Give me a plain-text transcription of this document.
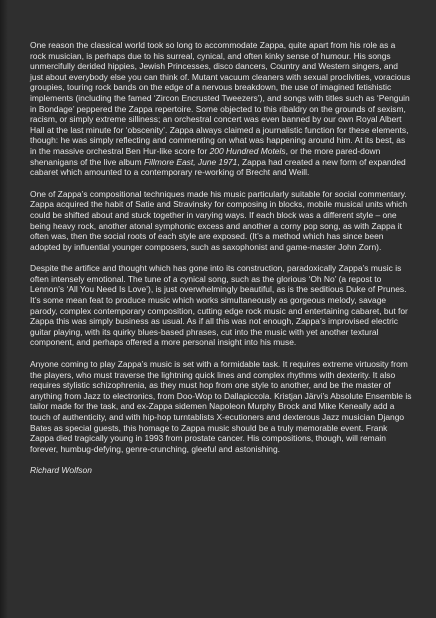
One reason the classical world took so long to accommodate Zappa, quite apart from his role as a rock musician, is perhaps due to his surreal, cynical, and often kinky sense of humour. His songs unmercifully derided hippies, Jewish Princesses, disco dancers, Country and Western singers, and just about everybody else you can think of. Mutant vacuum cleaners with sexual proclivities, voracious groupies, touring rock bands on the edge of a nervous breakdown, the use of imagined fetishistic implements (including the famed ‘Zircon Encrusted Tweezers’), and songs with titles such as ‘Penguin in Bondage’ peppered the Zappa repertoire. Some objected to this ribaldry on the grounds of sexism, racism, or simply extreme silliness; an orchestral concert was even banned by our own Royal Albert Hall at the last minute for ‘obscenity’. Zappa always claimed a journalistic function for these elements, though: he was simply reflecting and commenting on what was happening around him. At its best, as in the massive orchestral Ben Hur-like score for 200 Hundred Motels, or the more pared-down shenanigans of the live album Fillmore East, June 1971, Zappa had created a new form of expanded cabaret which amounted to a contemporary re-working of Brecht and Weill.

One of Zappa’s compositional techniques made his music particularly suitable for social commentary. Zappa acquired the habit of Satie and Stravinsky for composing in blocks, mobile musical units which could be shifted about and stuck together in varying ways. If each block was a different style – one being heavy rock, another atonal symphonic excess and another a corny pop song, as with Zappa it often was, then the social roots of each style are exposed. (It’s a method which has since been adopted by influential younger composers, such as saxophonist and game-master John Zorn).

Despite the artifice and thought which has gone into its construction, paradoxically Zappa’s music is often intensely emotional. The tune of a cynical song, such as the glorious ‘Oh No’ (a repost to Lennon’s ‘All You Need Is Love’), is just overwhelmingly beautiful, as is the seditious Duke of Prunes. It’s some mean feat to produce music which works simultaneously as gorgeous melody, savage parody, complex contemporary composition, cutting edge rock music and entertaining cabaret, but for Zappa this was simply business as usual. As if all this was not enough, Zappa’s improvised electric guitar playing, with its quirky blues-based phrases, cut into the music with yet another textural component, and perhaps offered a more personal insight into his muse.

Anyone coming to play Zappa’s music is set with a formidable task. It requires extreme virtuosity from the players, who must traverse the lightning quick lines and complex rhythms with dexterity. It also requires stylistic schizophrenia, as they must hop from one style to another, and be the master of anything from Jazz to electronics, from Doo-Wop to Dallapiccola. Kristjan Järvi’s Absolute Ensemble is tailor made for the task, and ex-Zappa sidemen Napoleon Murphy Brock and Mike Keneally add a touch of authenticity, and with hip-hop turntablists X-ecutioners and dexterous Jazz musician Django Bates as special guests, this homage to Zappa music should be a truly memorable event. Frank Zappa died tragically young in 1993 from prostate cancer. His compositions, though, will remain forever, humbug-defying, genre-crunching, gleeful and astonishing.

Richard Wolfson
